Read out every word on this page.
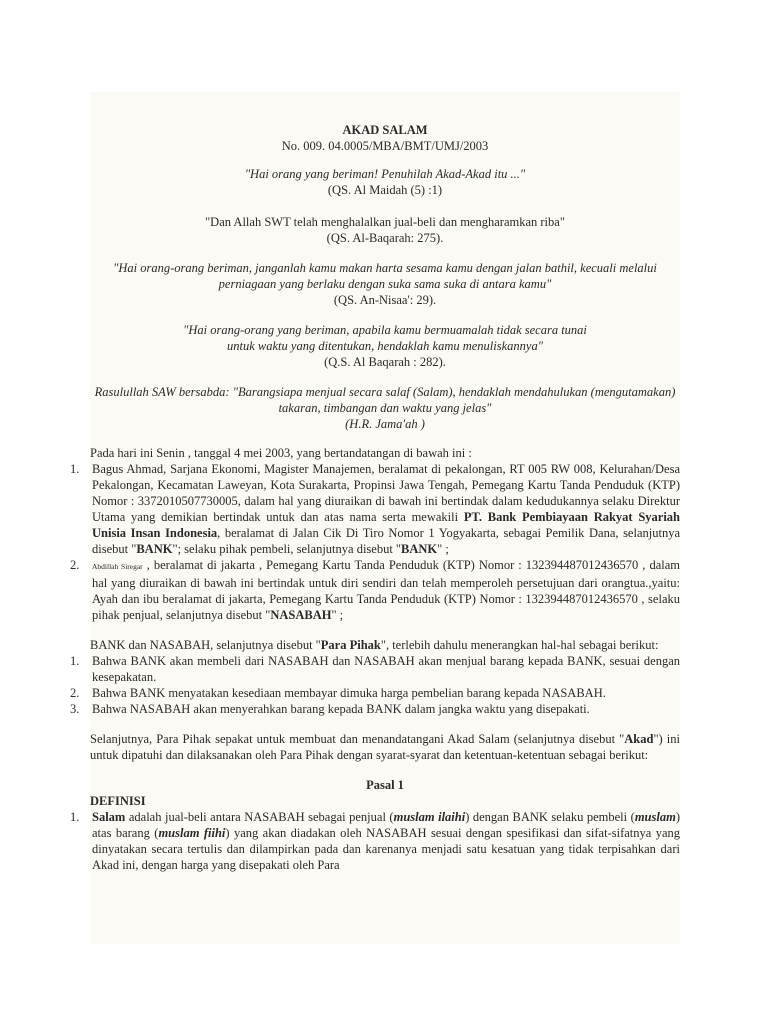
AKAD SALAM

No. 009. 04.0005/MBA/BMT/UMJ/2003

"Hai orang yang beriman! Penuhilah Akad-Akad itu ..."

(QS. Al Maidah (5) :1)

"Dan Allah SWT telah menghalalkan jual-beli dan mengharamkan riba"

(QS. Al-Baqarah: 275).

"Hai orang-orang beriman, janganlah kamu makan harta sesama kamu dengan jalan bathil, kecuali melalui

perniagaan yang berlaku dengan suka sama suka di antara kamu"

(QS. An-Nisaa': 29).

"Hai orang-orang yang beriman, apabila kamu bermuamalah tidak secara tunai

untuk waktu yang ditentukan, hendaklah kamu menuliskannya"

(Q.S. Al Baqarah : 282).

Rasulullah SAW bersabda: "Barangsiapa menjual secara salaf (Salam), hendaklah mendahulukan (mengutamakan)

takaran, timbangan dan waktu yang jelas"

(H.R. Jama'ah )

Pada hari ini Senin , tanggal 4 mei 2003, yang bertandatangan di bawah ini :

1. Bagus Ahmad, Sarjana Ekonomi, Magister Manajemen, beralamat di pekalongan, RT 005 RW 008, Kelurahan/Desa Pekalongan, Kecamatan Laweyan, Kota Surakarta, Propinsi Jawa Tengah, Pemegang Kartu Tanda Penduduk (KTP) Nomor : 3372010507730005, dalam hal yang diuraikan di bawah ini bertindak dalam kedudukannya selaku Direktur Utama yang demikian bertindak untuk dan atas nama serta mewakili PT. Bank Pembiayaan Rakyat Syariah Unisia Insan Indonesia, beralamat di Jalan Cik Di Tiro Nomor 1 Yogyakarta, sebagai Pemilik Dana, selanjutnya disebut "BANK"; selaku pihak pembeli, selanjutnya disebut "BANK" ;
2. Abdillah Siregar , beralamat di jakarta , Pemegang Kartu Tanda Penduduk (KTP) Nomor : 132394487012436570 , dalam hal yang diuraikan di bawah ini bertindak untuk diri sendiri dan telah memperoleh persetujuan dari orangtua.,yaitu: Ayah dan ibu beralamat di jakarta, Pemegang Kartu Tanda Penduduk (KTP) Nomor : 132394487012436570 , selaku pihak penjual, selanjutnya disebut "NASABAH" ;

BANK dan NASABAH, selanjutnya disebut "Para Pihak", terlebih dahulu menerangkan hal-hal sebagai berikut:

1. Bahwa BANK akan membeli dari NASABAH dan NASABAH akan menjual barang kepada BANK, sesuai dengan kesepakatan.
2. Bahwa BANK menyatakan kesediaan membayar dimuka harga pembelian barang kepada NASABAH.
3. Bahwa NASABAH akan menyerahkan barang kepada BANK dalam jangka waktu yang disepakati.

Selanjutnya, Para Pihak sepakat untuk membuat dan menandatangani Akad Salam (selanjutnya disebut "Akad") ini untuk dipatuhi dan dilaksanakan oleh Para Pihak dengan syarat-syarat dan ketentuan-ketentuan sebagai berikut:

Pasal 1

DEFINISI

1. Salam adalah jual-beli antara NASABAH sebagai penjual (muslam ilaihi) dengan BANK selaku pembeli (muslam) atas barang (muslam fiihi) yang akan diadakan oleh NASABAH sesuai dengan spesifikasi dan sifat-sifatnya yang dinyatakan secara tertulis dan dilampirkan pada dan karenanya menjadi satu kesatuan yang tidak terpisahkan dari Akad ini, dengan harga yang disepakati oleh Para
